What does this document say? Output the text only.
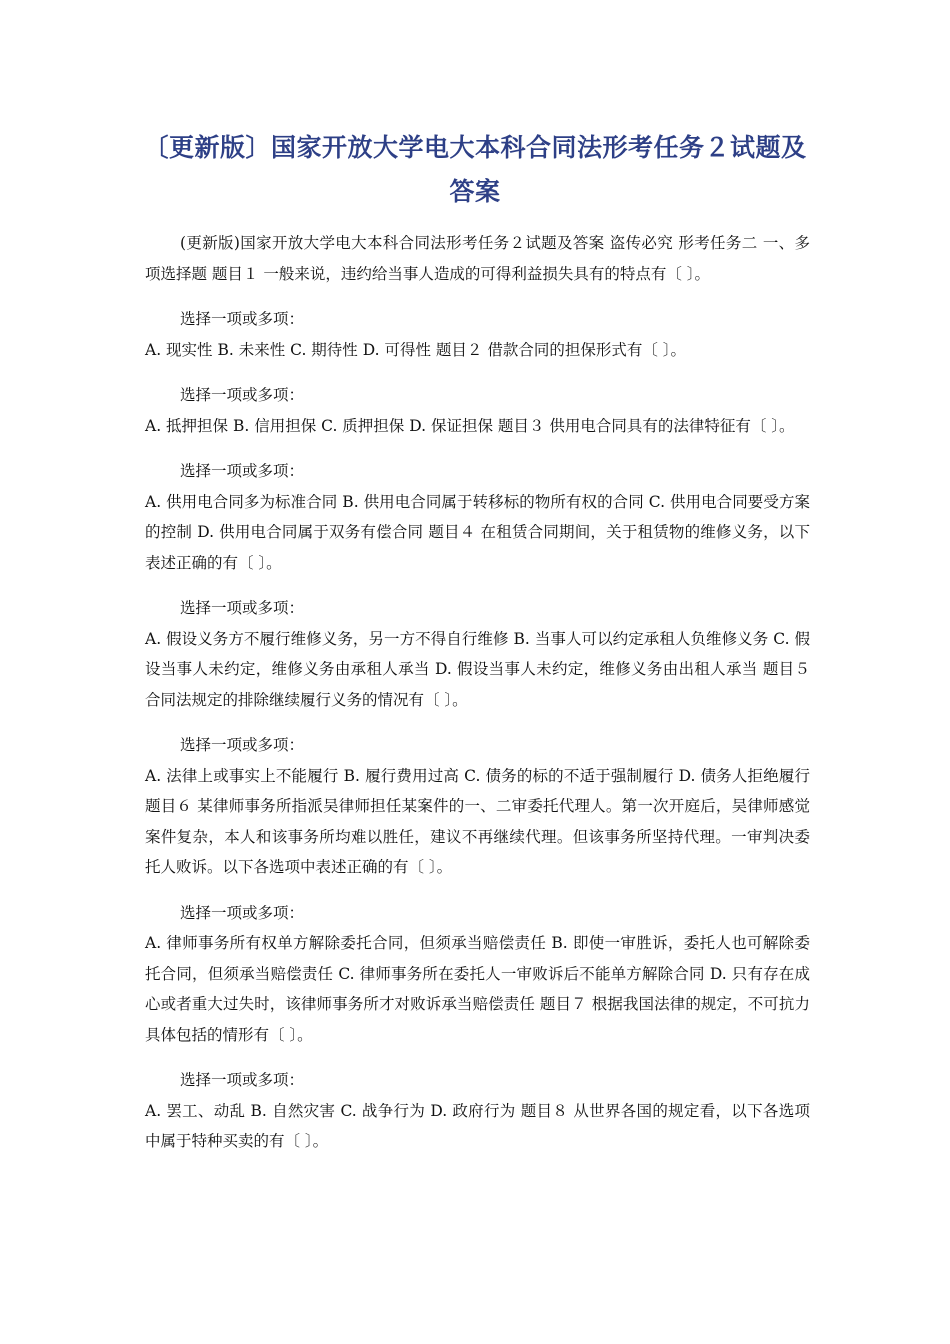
〔更新版〕国家开放大学电大本科合同法形考任务２试题及答案

(更新版)国家开放大学电大本科合同法形考任务２试题及答案 盗传必究 形考任务二 一、多项选择题 题目１ 一般来说，违约给当事人造成的可得利益损失具有的特点有〔 〕。

选择一项或多项：

A. 现实性 B. 未来性 C. 期待性 D. 可得性 题目２ 借款合同的担保形式有〔 〕。

选择一项或多项：

A. 抵押担保 B. 信用担保 C. 质押担保 D. 保证担保 题目３ 供用电合同具有的法律特征有〔 〕。

选择一项或多项：

A. 供用电合同多为标准合同 B. 供用电合同属于转移标的物所有权的合同 C. 供用电合同要受方案的控制 D. 供用电合同属于双务有偿合同 题目４ 在租赁合同期间，关于租赁物的维修义务，以下表述正确的有〔 〕。

选择一项或多项：

A. 假设义务方不履行维修义务，另一方不得自行维修 B. 当事人可以约定承租人负维修义务 C. 假设当事人未约定，维修义务由承租人承当 D. 假设当事人未约定，维修义务由出租人承当 题目５ 合同法规定的排除继续履行义务的情况有〔 〕。

选择一项或多项：

A. 法律上或事实上不能履行 B. 履行费用过高 C. 债务的标的不适于强制履行 D. 债务人拒绝履行 题目６ 某律师事务所指派吴律师担任某案件的一、二审委托代理人。第一次开庭后，吴律师感觉案件复杂，本人和该事务所均难以胜任，建议不再继续代理。但该事务所坚持代理。一审判决委托人败诉。以下各选项中表述正确的有〔 〕。

选择一项或多项：

A. 律师事务所有权单方解除委托合同，但须承当赔偿责任 B. 即使一审胜诉，委托人也可解除委托合同，但须承当赔偿责任 C. 律师事务所在委托人一审败诉后不能单方解除合同 D. 只有存在成心或者重大过失时，该律师事务所才对败诉承当赔偿责任 题目７ 根据我国法律的规定，不可抗力具体包括的情形有〔 〕。

选择一项或多项：

A. 罢工、动乱 B. 自然灾害 C. 战争行为 D. 政府行为 题目８ 从世界各国的规定看，以下各选项中属于特种买卖的有〔 〕。
